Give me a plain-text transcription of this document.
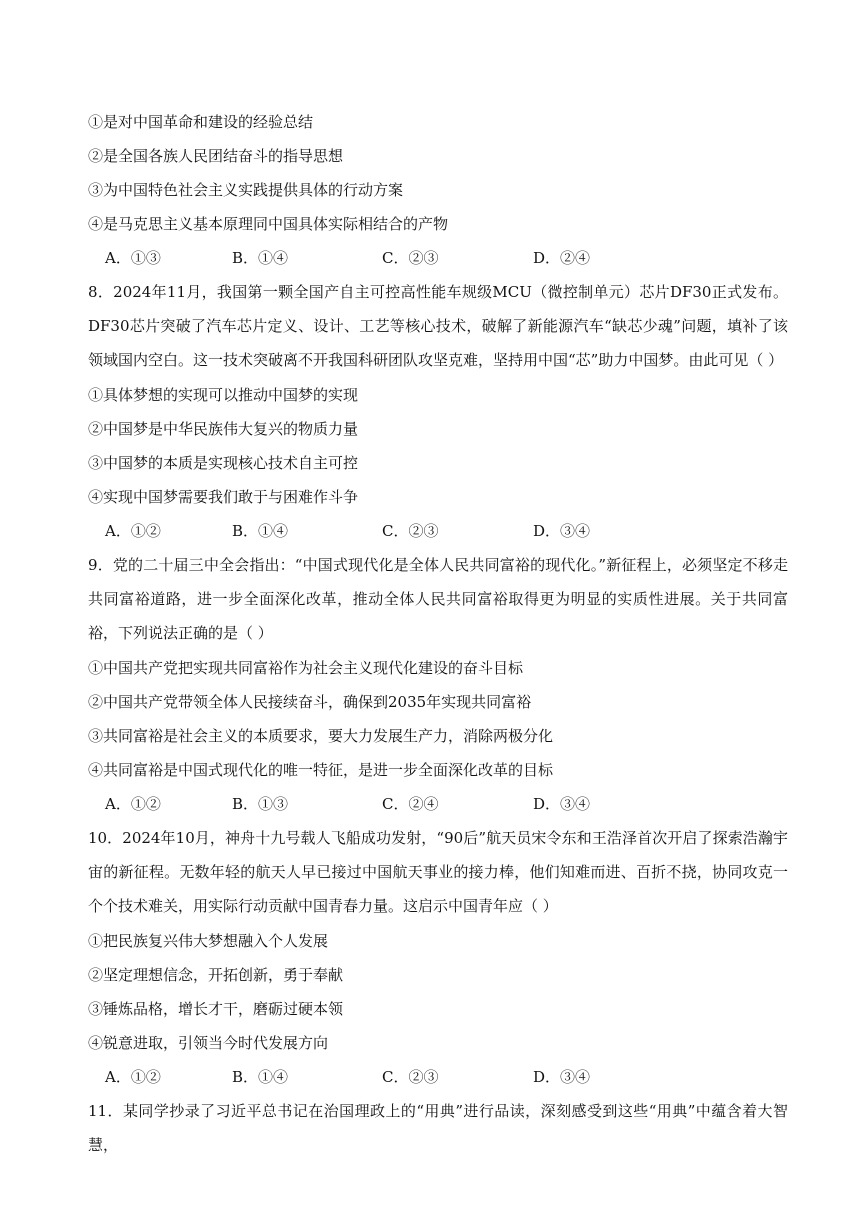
①是对中国革命和建设的经验总结
②是全国各族人民团结奋斗的指导思想
③为中国特色社会主义实践提供具体的行动方案
④是马克思主义基本原理同中国具体实际相结合的产物
A．①③	B．①④	C．②③	D．②④
8．2024年11月，我国第一颗全国产自主可控高性能车规级MCU（微控制单元）芯片DF30正式发布。DF30芯片突破了汽车芯片定义、设计、工艺等核心技术，破解了新能源汽车“缺芯少魂”问题，填补了该领域国内空白。这一技术突破离不开我国科研团队攻坚克难，坚持用中国“芯”助力中国梦。由此可见（ ）
①具体梦想的实现可以推动中国梦的实现
②中国梦是中华民族伟大复兴的物质力量
③中国梦的本质是实现核心技术自主可控
④实现中国梦需要我们敢于与困难作斗争
A．①②	B．①④	C．②③	D．③④
9．党的二十届三中全会指出：“中国式现代化是全体人民共同富裕的现代化。”新征程上，必须坚定不移走共同富裕道路，进一步全面深化改革，推动全体人民共同富裕取得更为明显的实质性进展。关于共同富裕，下列说法正确的是（ ）
①中国共产党把实现共同富裕作为社会主义现代化建设的奋斗目标
②中国共产党带领全体人民接续奋斗，确保到2035年实现共同富裕
③共同富裕是社会主义的本质要求，要大力发展生产力，消除两极分化
④共同富裕是中国式现代化的唯一特征，是进一步全面深化改革的目标
A．①②	B．①③	C．②④	D．③④
10．2024年10月，神舟十九号载人飞船成功发射，“90后”航天员宋令东和王浩泽首次开启了探索浩瀚宇宙的新征程。无数年轻的航天人早已接过中国航天事业的接力棒，他们知难而进、百折不挠，协同攻克一个个技术难关，用实际行动贡献中国青春力量。这启示中国青年应（ ）
①把民族复兴伟大梦想融入个人发展
②坚定理想信念，开拓创新，勇于奉献
③锤炼品格，增长才干，磨砺过硬本领
④锐意进取，引领当今时代发展方向
A．①②	B．①④	C．②③	D．③④
11．某同学抄录了习近平总书记在治国理政上的“用典”进行品读，深刻感受到这些“用典”中蕴含着大智慧，
